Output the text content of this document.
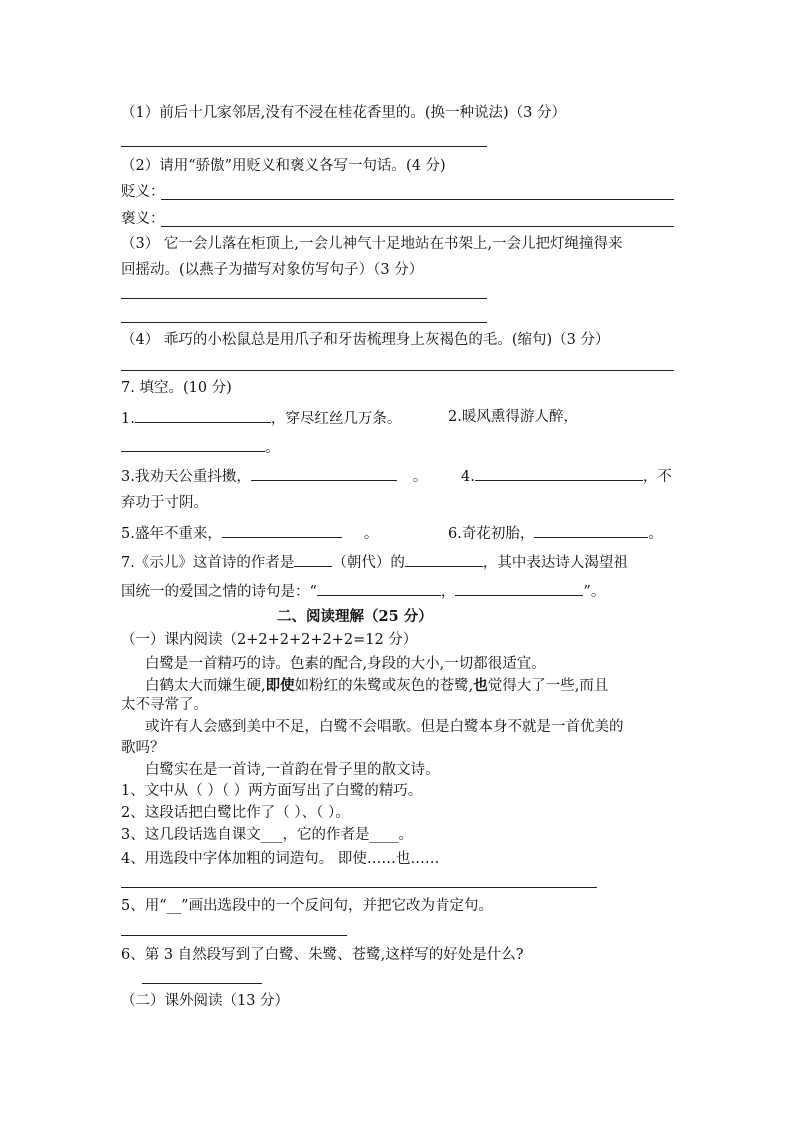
（1）前后十几家邻居,没有不浸在桂花香里的。(换一种说法)（3 分）
（2）请用“骄傲”用贬义和褒义各写一句话。(4 分)
贬义：
褒义：
（3） 它一会儿落在柜顶上,一会儿神气十足地站在书架上,一会儿把灯绳撞得来
回摇动。(以燕子为描写对象仿写句子）（3 分）
（4） 乖巧的小松鼠总是用爪子和牙齿梳理身上灰褐色的毛。(缩句)（3 分）
7. 填空。(10 分)
1.	，穿尽红丝几万条。	2.暖风熏得游人醉，
。
3.我劝天公重抖擞，	。 4.	，不
弃功于寸阴。
5.盛年不重来，	。	6.奇花初胎，	。
7.《示儿》这首诗的作者是	（朝代）的	，其中表达诗人渴望祖
国统一的爱国之情的诗句是：“	，	”。
二、阅读理解（25 分）
（一）课内阅读（2+2+2+2+2+2=12 分）
白鹭是一首精巧的诗。色素的配合,身段的大小,一切都很适宜。
白鹤太大而嫌生硬,即使如粉红的朱鹭或灰色的苍鹭,也觉得大了一些,而且
太不寻常了。
或许有人会感到美中不足，白鹭不会唱歌。但是白鹭本身不就是一首优美的
歌吗？
白鹭实在是一首诗,一首韵在骨子里的散文诗。
1、文中从（ ）（ ）两方面写出了白鹭的精巧。
2、这段话把白鹭比作了（ ）、（ ）。
3、这几段话选自课文___，它的作者是____。
4、用选段中字体加粗的词造句。 即使……也……
5、用“__”画出选段中的一个反问句，并把它改为肯定句。
6、第 3 自然段写到了白鹭、朱鹭、苍鹭,这样写的好处是什么?
（二）课外阅读（13 分）
